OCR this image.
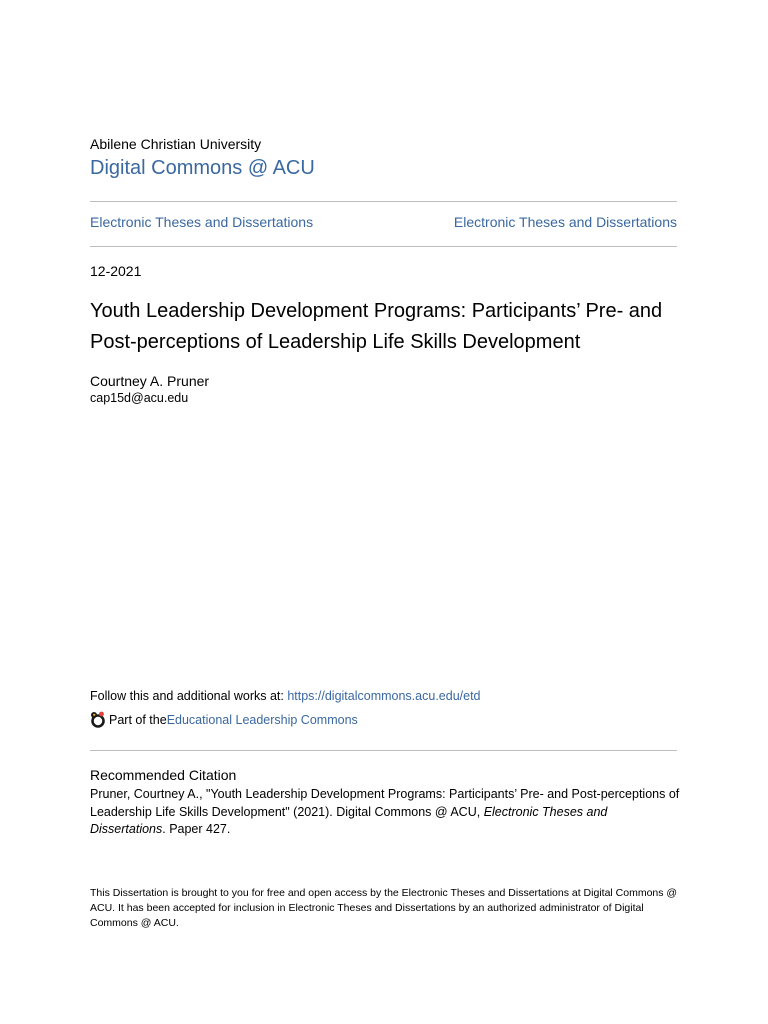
Abilene Christian University
Digital Commons @ ACU
Electronic Theses and Dissertations	Electronic Theses and Dissertations
12-2021
Youth Leadership Development Programs: Participants’ Pre- and
Post-perceptions of Leadership Life Skills Development
Courtney A. Pruner
cap15d@acu.edu
Follow this and additional works at: https://digitalcommons.acu.edu/etd
Part of the Educational Leadership Commons
Recommended Citation
Pruner, Courtney A., "Youth Leadership Development Programs: Participants’ Pre- and Post-perceptions of Leadership Life Skills Development" (2021). Digital Commons @ ACU, Electronic Theses and Dissertations. Paper 427.
This Dissertation is brought to you for free and open access by the Electronic Theses and Dissertations at Digital Commons @ ACU. It has been accepted for inclusion in Electronic Theses and Dissertations by an authorized administrator of Digital Commons @ ACU.
